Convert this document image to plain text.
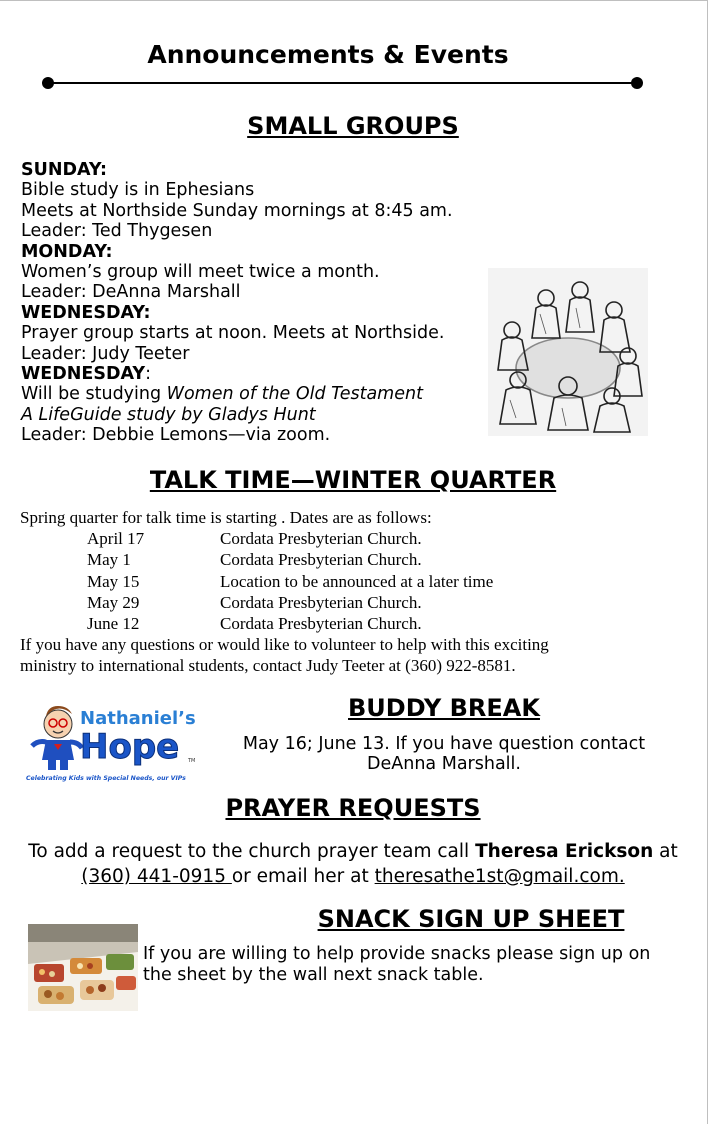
Announcements & Events
SMALL GROUPS
SUNDAY:
Bible study is in Ephesians
Meets at Northside Sunday mornings at 8:45 am.
Leader: Ted Thygesen
MONDAY:
Women’s group will meet twice a month.
Leader: DeAnna Marshall
WEDNESDAY:
Prayer group starts at noon. Meets at Northside.
Leader: Judy Teeter
WEDNESDAY:
Will be studying Women of the Old Testament
A LifeGuide study by Gladys Hunt
Leader: Debbie Lemons—via zoom.
TALK TIME—WINTER QUARTER
Spring quarter for talk time is starting . Dates are as follows:
April 17	Cordata Presbyterian Church.
May 1	Cordata Presbyterian Church.
May 15	Location to be announced at a later time
May 29	Cordata Presbyterian Church.
June 12	Cordata Presbyterian Church.
If you have any questions or would like to volunteer to help with this exciting
ministry to international students, contact Judy Teeter at (360) 922-8581.
Nathaniel’s
Hope TM
Celebrating Kids with Special Needs, our VIPs
BUDDY BREAK
May 16; June 13. If you have question contact
DeAnna Marshall.
PRAYER REQUESTS
To add a request to the church prayer team call Theresa Erickson at
(360) 441-0915 or email her at theresathe1st@gmail.com.
SNACK SIGN UP SHEET
If you are willing to help provide snacks please sign up on
the sheet by the wall next snack table.
